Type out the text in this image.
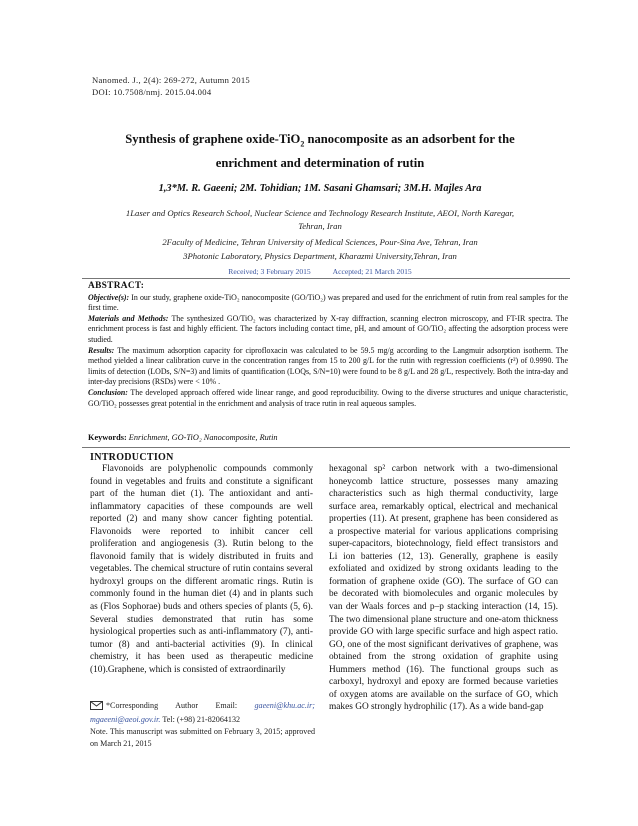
Nanomed. J., 2(4): 269-272, Autumn 2015
DOI: 10.7508/nmj. 2015.04.004
Synthesis of graphene oxide-TiO$_2$ nanocomposite as an adsorbent for the
enrichment and determination of rutin
1,3*M. R. Gaeeni; 2M. Tohidian; 1M. Sasani Ghamsari; 3M.H. Majles Ara
1Laser and Optics Research School, Nuclear Science and Technology Research Institute, AEOI, North Karegar,
Tehran, Iran
2Faculty of Medicine, Tehran University of Medical Sciences, Pour-Sina Ave, Tehran, Iran
3Photonic Laboratory, Physics Department, Kharazmi University,Tehran, Iran
Received; 3 February 2015	Accepted; 21 March 2015
ABSTRACT:

Objective(s): In our study, graphene oxide-TiO₂ nanocomposite (GO/TiO₂) was prepared and used for the enrichment of rutin from real samples for the first time.

Materials and Methods: The synthesized GO/TiO₂ was characterized by X-ray diffraction, scanning electron microscopy, and FT-IR spectra. The enrichment process is fast and highly efficient. The factors including contact time, pH, and amount of GO/TiO₂ affecting the adsorption process were studied.

Results: The maximum adsorption capacity for ciprofloxacin was calculated to be 59.5 mg/g according to the Langmuir adsorption isotherm. The method yielded a linear calibration curve in the concentration ranges from 15 to 200 g/L for the rutin with regression coefficients (r²) of 0.9990. The limits of detection (LODs, S/N=3) and limits of quantification (LOQs, S/N=10) were found to be 8 g/L and 28 g/L, respectively. Both the intra-day and inter-day precisions (RSDs) were < 10% .

Conclusion: The developed approach offered wide linear range, and good reproducibility. Owing to the diverse structures and unique characteristic, GO/TiO₂ possesses great potential in the enrichment and analysis of trace rutin in real aqueous samples.

Keywords: Enrichment, GO-TiO₂ Nanocomposite, Rutin
INTRODUCTION

Flavonoids are polyphenolic compounds commonly found in vegetables and fruits and constitute a significant part of the human diet (1). The antioxidant and anti-inflammatory capacities of these compounds are well reported (2) and many show cancer fighting potential. Flavonoids were reported to inhibit cancer cell proliferation and angiogenesis (3). Rutin belong to the flavonoid family that is widely distributed in fruits and vegetables. The chemical structure of rutin contains several hydroxyl groups on the different aromatic rings. Rutin is commonly found in the human diet (4) and in plants such as (Flos Sophorae) buds and others species of plants (5, 6). Several studies demonstrated that rutin has some hysiological properties such as anti-inflammatory (7), anti-tumor (8) and anti-bacterial activities (9). In clinical chemistry, it has been used as therapeutic medicine (10).Graphene, which is consisted of extraordinarily

hexagonal sp² carbon network with a two-dimensional honeycomb lattice structure, possesses many amazing characteristics such as high thermal conductivity, large surface area, remarkably optical, electrical and mechanical properties (11). At present, graphene has been considered as a prospective material for various applications comprising super-capacitors, biotechnology, field effect transistors and Li ion batteries (12, 13). Generally, graphene is easily exfoliated and oxidized by strong oxidants leading to the formation of graphene oxide (GO). The surface of GO can be decorated with biomolecules and organic molecules by van der Waals forces and p–p stacking interaction (14, 15). The two dimensional plane structure and one-atom thickness provide GO with large specific surface and high aspect ratio. GO, one of the most significant derivatives of graphene, was obtained from the strong oxidation of graphite using Hummers method (16). The functional groups such as carboxyl, hydroxyl and epoxy are formed because varieties of oxygen atoms are available on the surface of GO, which makes GO strongly hydrophilic (17). As a wide band-gap

*Corresponding Author Email: gaeeni@khu.ac.ir; mgaeeni@aeoi.gov.ir. Tel: (+98) 21-82064132
Note. This manuscript was submitted on February 3, 2015; approved on March 21, 2015
